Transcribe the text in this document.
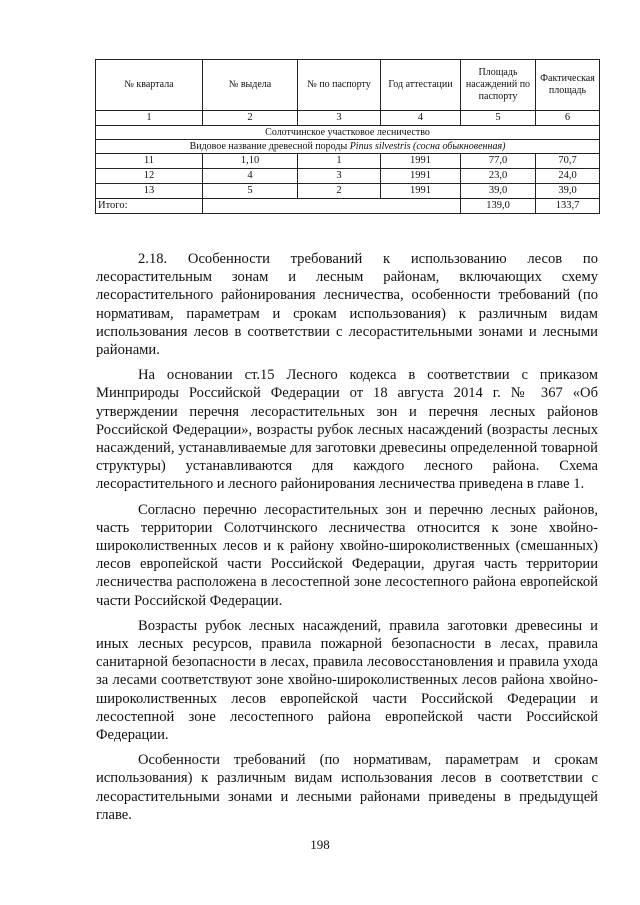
№ квартала	№ выдела	№ по паспорту	Год аттестации	Площадь насаждений по паспорту	Фактическая площадь
1	2	3	4	5	6
Солотчинское участковое лесничество					
Видовое название древесной породы Pinus silvestris (сосна обыкновенная)					
11	1,10	1	1991	77,0	70,7
12	4	3	1991	23,0	24,0
13	5	2	1991	39,0	39,0
Итого:				139,0	133,7

2.18. Особенности требований к использованию лесов по лесорастительным зонам и лесным районам, включающих схему лесорастительного районирования лесничества, особенности требований (по нормативам, параметрам и срокам использования) к различным видам использования лесов в соответствии с лесорастительными зонами и лесными районами.

На основании ст.15 Лесного кодекса в соответствии с приказом Минприроды Российской Федерации от 18 августа 2014 г. № 367 «Об утверждении перечня лесорастительных зон и перечня лесных районов Российской Федерации», возрасты рубок лесных насаждений (возрасты лесных насаждений, устанавливаемые для заготовки древесины определенной товарной структуры) устанавливаются для каждого лесного района. Схема лесорастительного и лесного районирования лесничества приведена в главе 1.

Согласно перечню лесорастительных зон и перечню лесных районов, часть территории Солотчинского лесничества относится к зоне хвойно-широколиственных лесов и к району хвойно-широколиственных (смешанных) лесов европейской части Российской Федерации, другая часть территории лесничества расположена в лесостепной зоне лесостепного района европейской части Российской Федерации.

Возрасты рубок лесных насаждений, правила заготовки древесины и иных лесных ресурсов, правила пожарной безопасности в лесах, правила санитарной безопасности в лесах, правила лесовосстановления и правила ухода за лесами соответствуют зоне хвойно-широколиственных лесов района хвойно-широколиственных лесов европейской части Российской Федерации и лесостепной зоне лесостепного района европейской части Российской Федерации.

Особенности требований (по нормативам, параметрам и срокам использования) к различным видам использования лесов в соответствии с лесорастительными зонами и лесными районами приведены в предыдущей главе.

198
